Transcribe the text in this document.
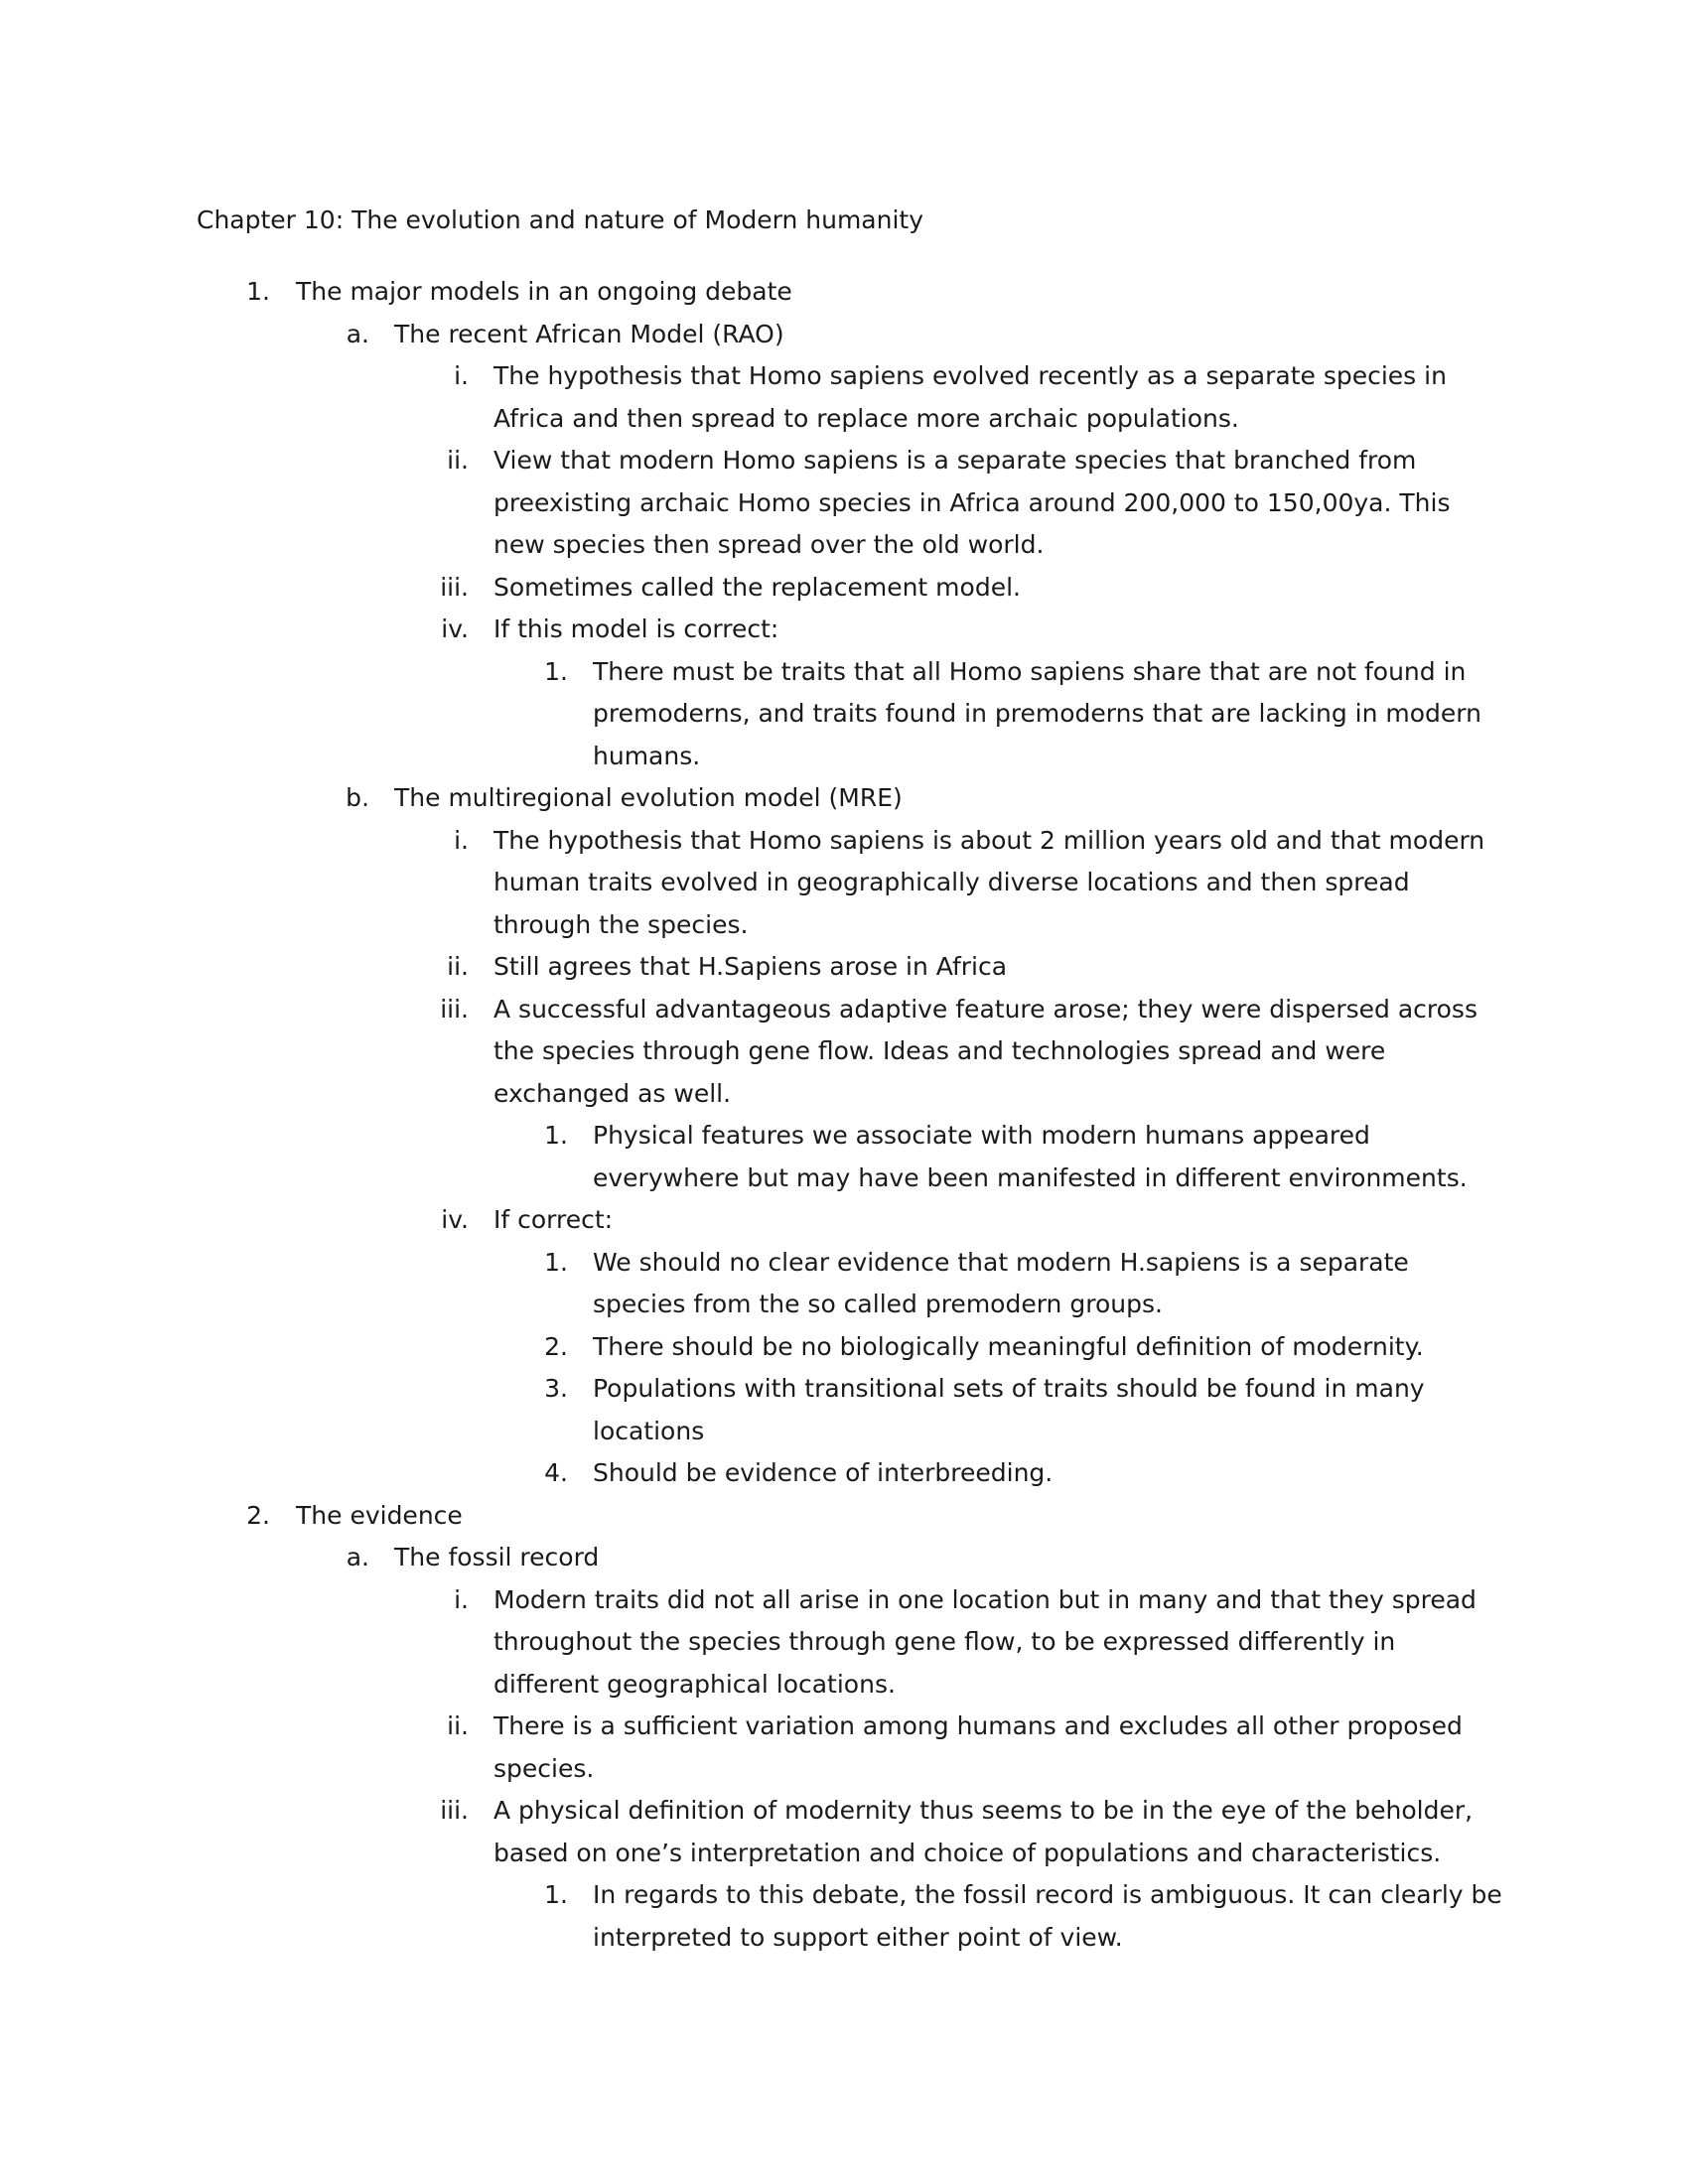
Chapter 10: The evolution and nature of Modern humanity
1. The major models in an ongoing debate
a. The recent African Model (RAO)
i. The hypothesis that Homo sapiens evolved recently as a separate species in
Africa and then spread to replace more archaic populations.
ii. View that modern Homo sapiens is a separate species that branched from
preexisting archaic Homo species in Africa around 200,000 to 150,00ya. This
new species then spread over the old world.
iii. Sometimes called the replacement model.
iv. If this model is correct:
1. There must be traits that all Homo sapiens share that are not found in
premoderns, and traits found in premoderns that are lacking in modern
humans.
b. The multiregional evolution model (MRE)
i. The hypothesis that Homo sapiens is about 2 million years old and that modern
human traits evolved in geographically diverse locations and then spread
through the species.
ii. Still agrees that H.Sapiens arose in Africa
iii. A successful advantageous adaptive feature arose; they were dispersed across
the species through gene flow. Ideas and technologies spread and were
exchanged as well.
1. Physical features we associate with modern humans appeared
everywhere but may have been manifested in different environments.
iv. If correct:
1. We should no clear evidence that modern H.sapiens is a separate
species from the so called premodern groups.
2. There should be no biologically meaningful definition of modernity.
3. Populations with transitional sets of traits should be found in many
locations
4. Should be evidence of interbreeding.
2. The evidence
a. The fossil record
i. Modern traits did not all arise in one location but in many and that they spread
throughout the species through gene flow, to be expressed differently in
different geographical locations.
ii. There is a sufficient variation among humans and excludes all other proposed
species.
iii. A physical definition of modernity thus seems to be in the eye of the beholder,
based on one’s interpretation and choice of populations and characteristics.
1. In regards to this debate, the fossil record is ambiguous. It can clearly be
interpreted to support either point of view.
